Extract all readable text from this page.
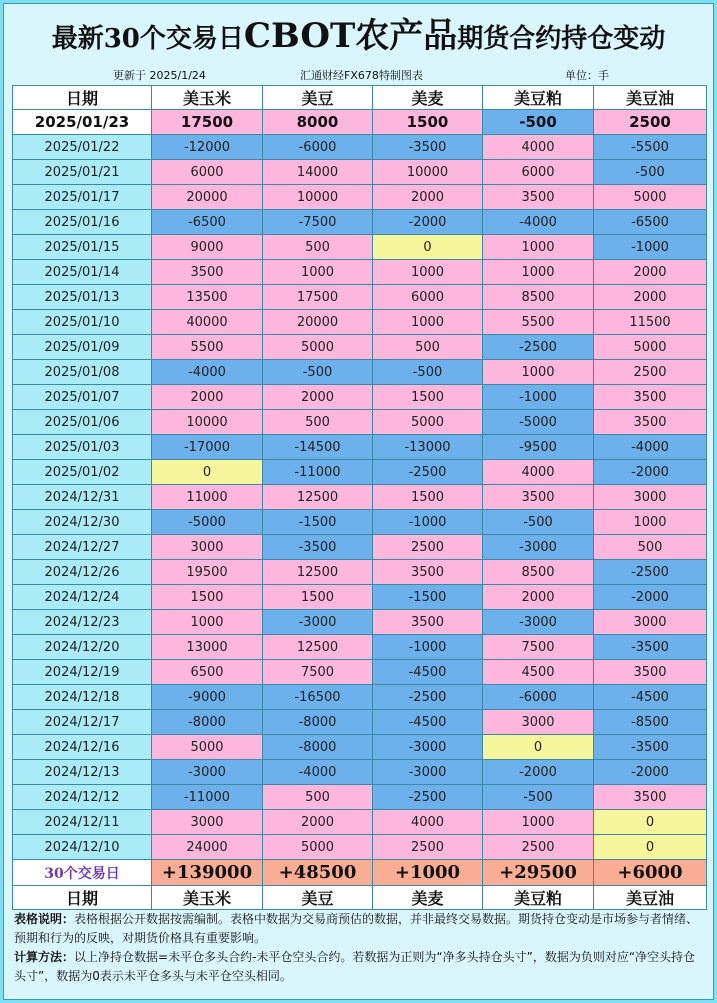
最新30个交易日CBOT农产品期货合约持仓变动
更新于 2025/1/24	汇通财经FX678特制图表	单位：手
日期	美玉米	美豆	美麦	美豆粕	美豆油
2025/01/23	17500	8000	1500	-500	2500
2025/01/22	-12000	-6000	-3500	4000	-5500
2025/01/21	6000	14000	10000	6000	-500
2025/01/17	20000	10000	2000	3500	5000
2025/01/16	-6500	-7500	-2000	-4000	-6500
2025/01/15	9000	500	0	1000	-1000
2025/01/14	3500	1000	1000	1000	2000
2025/01/13	13500	17500	6000	8500	2000
2025/01/10	40000	20000	1000	5500	11500
2025/01/09	5500	5000	500	-2500	5000
2025/01/08	-4000	-500	-500	1000	2500
2025/01/07	2000	2000	1500	-1000	3500
2025/01/06	10000	500	5000	-5000	3500
2025/01/03	-17000	-14500	-13000	-9500	-4000
2025/01/02	0	-11000	-2500	4000	-2000
2024/12/31	11000	12500	1500	3500	3000
2024/12/30	-5000	-1500	-1000	-500	1000
2024/12/27	3000	-3500	2500	-3000	500
2024/12/26	19500	12500	3500	8500	-2500
2024/12/24	1500	1500	-1500	2000	-2000
2024/12/23	1000	-3000	3500	-3000	3000
2024/12/20	13000	12500	-1000	7500	-3500
2024/12/19	6500	7500	-4500	4500	3500
2024/12/18	-9000	-16500	-2500	-6000	-4500
2024/12/17	-8000	-8000	-4500	3000	-8500
2024/12/16	5000	-8000	-3000	0	-3500
2024/12/13	-3000	-4000	-3000	-2000	-2000
2024/12/12	-11000	500	-2500	-500	3500
2024/12/11	3000	2000	4000	1000	0
2024/12/10	24000	5000	2500	2500	0
30个交易日	+139000	+48500	+1000	+29500	+6000
日期	美玉米	美豆	美麦	美豆粕	美豆油
表格说明：表格根据公开数据按需编制。表格中数据为交易商预估的数据，并非最终交易数据。期货持仓变动是市场参与者情绪、预期和行为的反映，对期货价格具有重要影响。
计算方法：以上净持仓数据=未平仓多头合约-未平仓空头合约。若数据为正则为“净多头持仓头寸”，数据为负则对应“净空头持仓头寸”，数据为0表示未平仓多头与未平仓空头相同。
